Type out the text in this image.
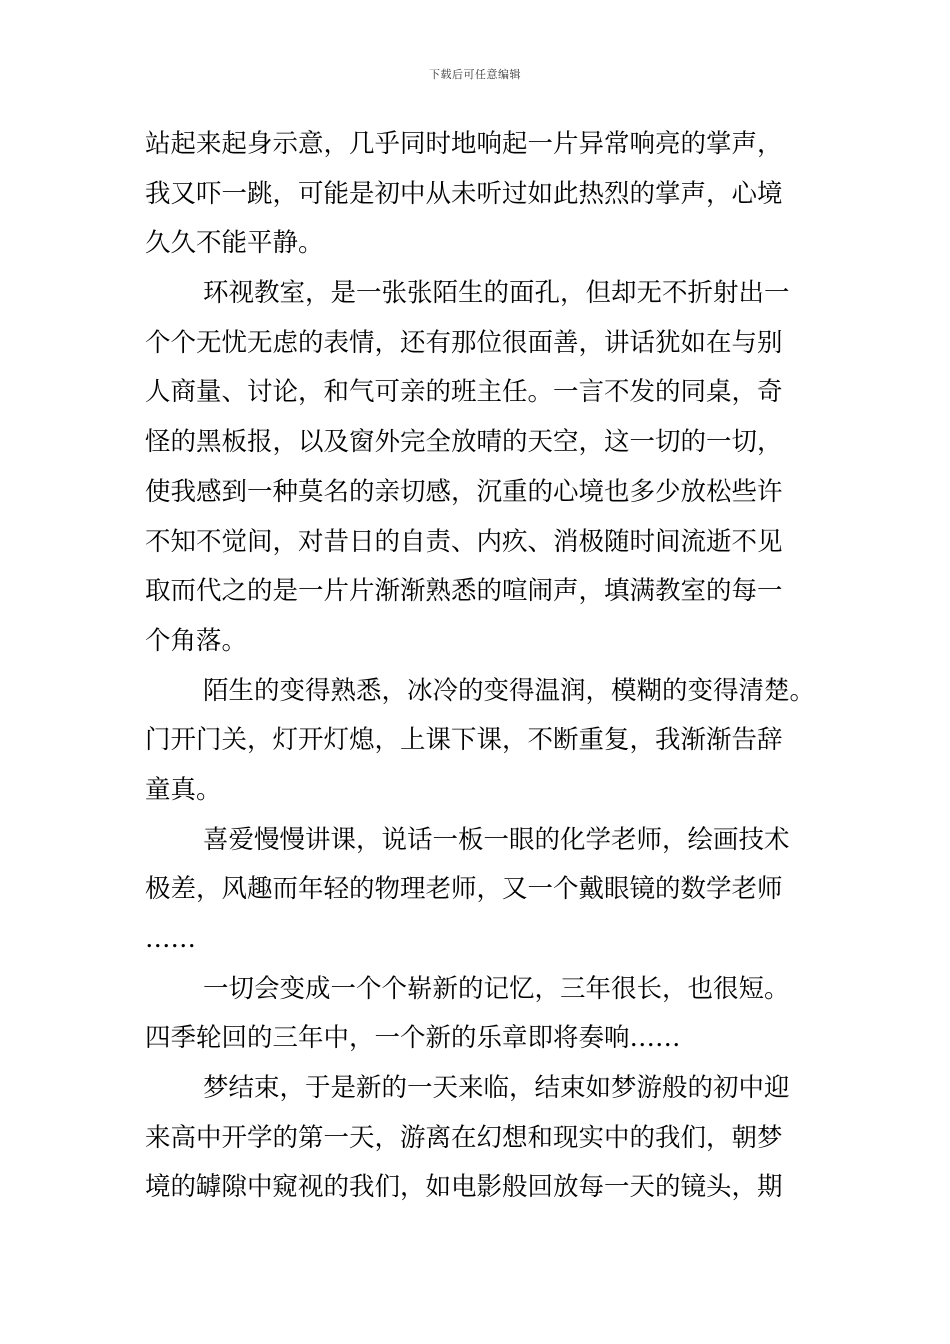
下载后可任意编辑
站起来起身示意，几乎同时地响起一片异常响亮的掌声，
我又吓一跳，可能是初中从未听过如此热烈的掌声，心境
久久不能平静。
环视教室，是一张张陌生的面孔，但却无不折射出一
个个无忧无虑的表情，还有那位很面善，讲话犹如在与别
人商量、讨论，和气可亲的班主任。一言不发的同桌，奇
怪的黑板报，以及窗外完全放晴的天空，这一切的一切，
使我感到一种莫名的亲切感，沉重的心境也多少放松些许
不知不觉间，对昔日的自责、内疚、消极随时间流逝不见
取而代之的是一片片渐渐熟悉的喧闹声，填满教室的每一
个角落。
陌生的变得熟悉，冰冷的变得温润，模糊的变得清楚。
门开门关，灯开灯熄，上课下课，不断重复，我渐渐告辞
童真。
喜爱慢慢讲课，说话一板一眼的化学老师，绘画技术
极差，风趣而年轻的物理老师，又一个戴眼镜的数学老师
……
一切会变成一个个崭新的记忆，三年很长，也很短。
四季轮回的三年中，一个新的乐章即将奏响……
梦结束，于是新的一天来临，结束如梦游般的初中迎
来高中开学的第一天，游离在幻想和现实中的我们，朝梦
境的罅隙中窥视的我们，如电影般回放每一天的镜头，期
